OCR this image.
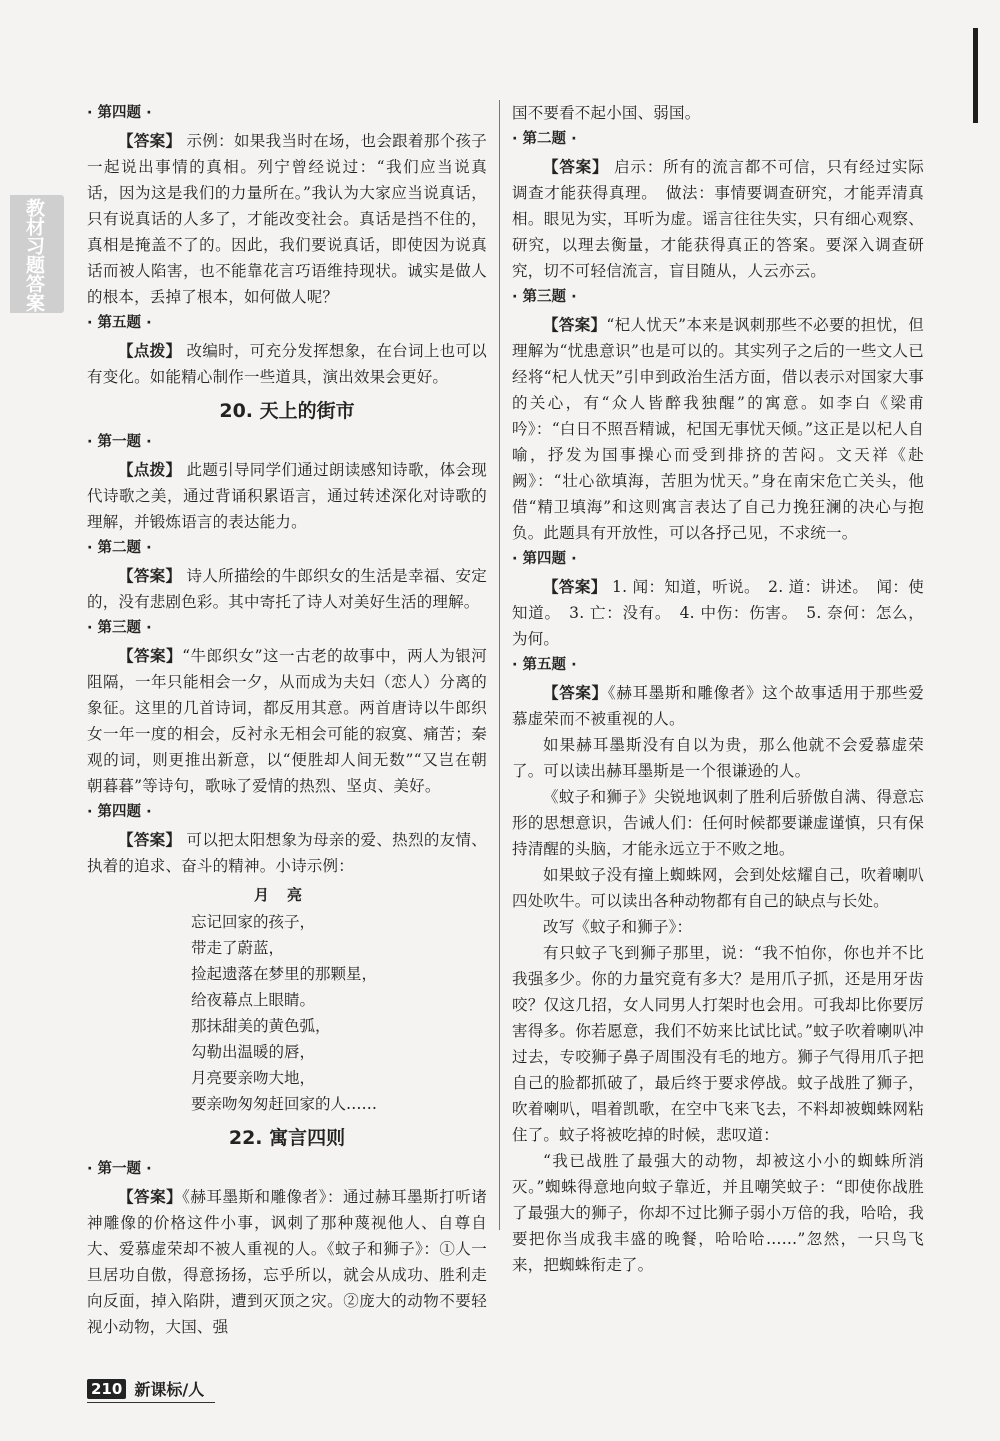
教材习题答案
· 第四题 ·

【答案】 示例：如果我当时在场，也会跟着那个孩子一起说出事情的真相。列宁曾经说过：“我们应当说真话，因为这是我们的力量所在。”我认为大家应当说真话，只有说真话的人多了，才能改变社会。真话是挡不住的，真相是掩盖不了的。因此，我们要说真话，即使因为说真话而被人陷害，也不能靠花言巧语维持现状。诚实是做人的根本，丢掉了根本，如何做人呢？

· 第五题 ·

【点拨】 改编时，可充分发挥想象，在台词上也可以有变化。如能精心制作一些道具，演出效果会更好。

20. 天上的街市
· 第一题 ·

【点拨】 此题引导同学们通过朗读感知诗歌，体会现代诗歌之美，通过背诵积累语言，通过转述深化对诗歌的理解，并锻炼语言的表达能力。

· 第二题 ·

【答案】 诗人所描绘的牛郎织女的生活是幸福、安定的，没有悲剧色彩。其中寄托了诗人对美好生活的理解。

· 第三题 ·

【答案】“牛郎织女”这一古老的故事中，两人为银河阻隔，一年只能相会一夕，从而成为夫妇（恋人）分离的象征。这里的几首诗词，都反用其意。两首唐诗以牛郎织女一年一度的相会，反衬永无相会可能的寂寞、痛苦；秦观的词，则更推出新意，以“便胜却人间无数”“又岂在朝朝暮暮”等诗句，歌咏了爱情的热烈、坚贞、美好。

· 第四题 ·

【答案】 可以把太阳想象为母亲的爱、热烈的友情、执着的追求、奋斗的精神。小诗示例：

月亮
忘记回家的孩子，
带走了蔚蓝，
捡起遗落在梦里的那颗星，
给夜幕点上眼睛。
那抹甜美的黄色弧，
勾勒出温暖的唇，
月亮要亲吻大地，
要亲吻匆匆赶回家的人……
22. 寓言四则
· 第一题 ·

【答案】《赫耳墨斯和雕像者》：通过赫耳墨斯打听诸神雕像的价格这件小事，讽刺了那种蔑视他人、自尊自大、爱慕虚荣却不被人重视的人。《蚊子和狮子》：①人一旦居功自傲，得意扬扬，忘乎所以，就会从成功、胜利走向反面，掉入陷阱，遭到灭顶之灾。②庞大的动物不要轻视小动物，大国、强

国不要看不起小国、弱国。

· 第二题 ·

【答案】 启示：所有的流言都不可信，只有经过实际调查才能获得真理。　做法：事情要调查研究，才能弄清真相。眼见为实，耳听为虚。谣言往往失实，只有细心观察、研究，以理去衡量，才能获得真正的答案。要深入调查研究，切不可轻信流言，盲目随从，人云亦云。

· 第三题 ·

【答案】“杞人忧天”本来是讽刺那些不必要的担忧，但理解为“忧患意识”也是可以的。其实列子之后的一些文人已经将“杞人忧天”引申到政治生活方面，借以表示对国家大事的关心，有“众人皆醉我独醒”的寓意。如李白《梁甫吟》：“白日不照吾精诚，杞国无事忧天倾。”这正是以杞人自喻，抒发为国事操心而受到排挤的苦闷。文天祥《赴阙》：“壮心欲填海，苦胆为忧天。”身在南宋危亡关头，他借“精卫填海”和这则寓言表达了自己力挽狂澜的决心与抱负。此题具有开放性，可以各抒己见，不求统一。

· 第四题 ·

【答案】 1. 闻：知道，听说。　2. 道：讲述。　闻：使知道。　3. 亡：没有。　4. 中伤：伤害。　5. 奈何：怎么，为何。

· 第五题 ·

【答案】《赫耳墨斯和雕像者》这个故事适用于那些爱慕虚荣而不被重视的人。

如果赫耳墨斯没有自以为贵，那么他就不会爱慕虚荣了。可以读出赫耳墨斯是一个很谦逊的人。

《蚊子和狮子》尖锐地讽刺了胜利后骄傲自满、得意忘形的思想意识，告诫人们：任何时候都要谦虚谨慎，只有保持清醒的头脑，才能永远立于不败之地。

如果蚊子没有撞上蜘蛛网，会到处炫耀自己，吹着喇叭四处吹牛。可以读出各种动物都有自己的缺点与长处。

改写《蚊子和狮子》：

有只蚊子飞到狮子那里，说：“我不怕你，你也并不比我强多少。你的力量究竟有多大？是用爪子抓，还是用牙齿咬？仅这几招，女人同男人打架时也会用。可我却比你要厉害得多。你若愿意，我们不妨来比试比试。”蚊子吹着喇叭冲过去，专咬狮子鼻子周围没有毛的地方。狮子气得用爪子把自己的脸都抓破了，最后终于要求停战。蚊子战胜了狮子，吹着喇叭，唱着凯歌，在空中飞来飞去，不料却被蜘蛛网粘住了。蚊子将被吃掉的时候，悲叹道：

“我已战胜了最强大的动物，却被这小小的蜘蛛所消灭。”蜘蛛得意地向蚊子靠近，并且嘲笑蚊子：“即使你战胜了最强大的狮子，你却不过比狮子弱小万倍的我，哈哈，我要把你当成我丰盛的晚餐，哈哈哈……”忽然，一只鸟飞来，把蜘蛛衔走了。

210 新课标/人
